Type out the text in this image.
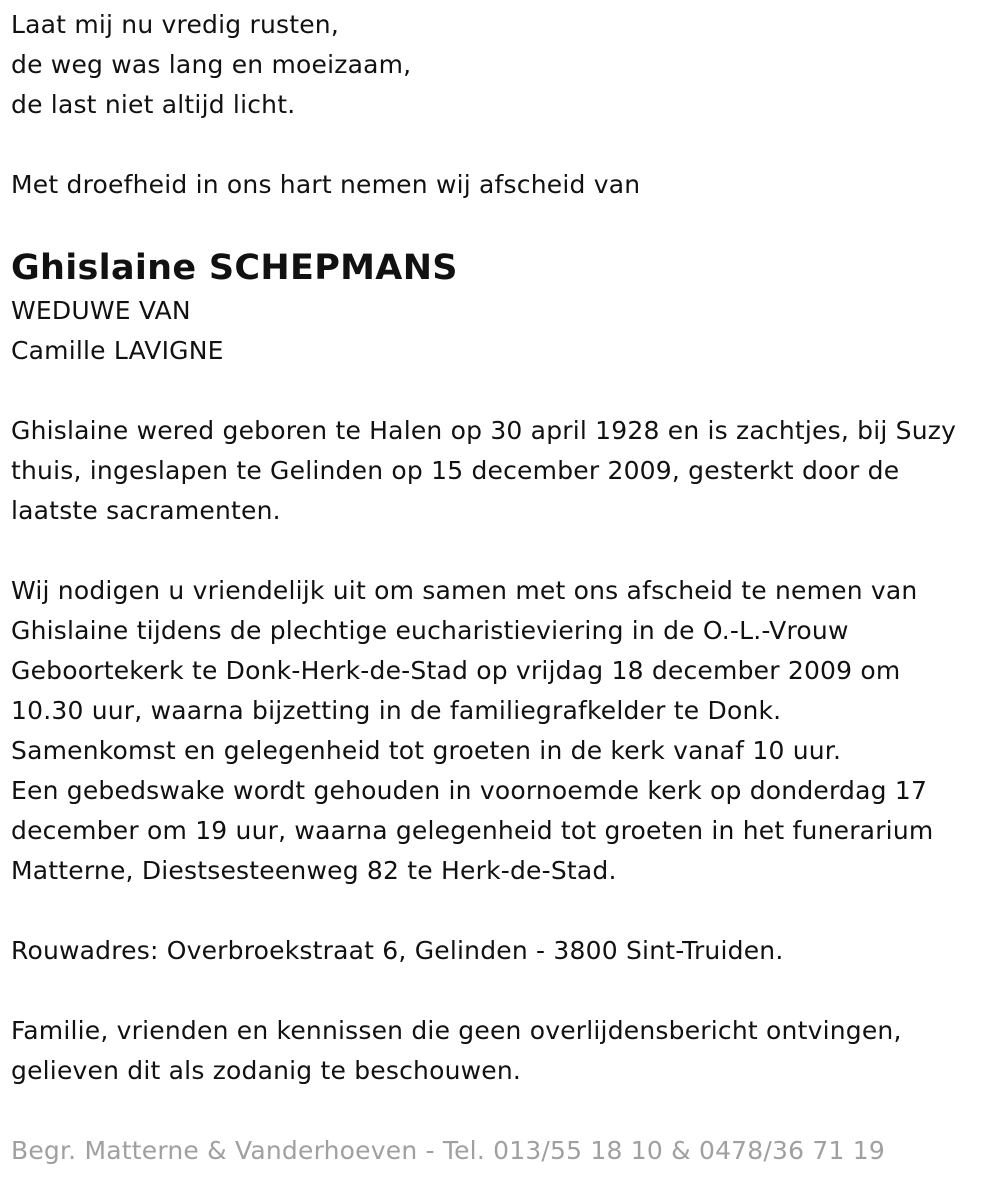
Laat mij nu vredig rusten,
de weg was lang en moeizaam,
de last niet altijd licht.
Met droefheid in ons hart nemen wij afscheid van
Ghislaine SCHEPMANS
WEDUWE VAN
Camille LAVIGNE
Ghislaine wered geboren te Halen op 30 april 1928 en is zachtjes, bij Suzy
thuis, ingeslapen te Gelinden op 15 december 2009, gesterkt door de
laatste sacramenten.
Wij nodigen u vriendelijk uit om samen met ons afscheid te nemen van
Ghislaine tijdens de plechtige eucharistieviering in de O.-L.-Vrouw
Geboortekerk te Donk-Herk-de-Stad op vrijdag 18 december 2009 om
10.30 uur, waarna bijzetting in de familiegrafkelder te Donk.
Samenkomst en gelegenheid tot groeten in de kerk vanaf 10 uur.
Een gebedswake wordt gehouden in voornoemde kerk op donderdag 17
december om 19 uur, waarna gelegenheid tot groeten in het funerarium
Matterne, Diestsesteenweg 82 te Herk-de-Stad.
Rouwadres: Overbroekstraat 6, Gelinden - 3800 Sint-Truiden.
Familie, vrienden en kennissen die geen overlijdensbericht ontvingen,
gelieven dit als zodanig te beschouwen.
Begr. Matterne & Vanderhoeven - Tel. 013/55 18 10 & 0478/36 71 19
